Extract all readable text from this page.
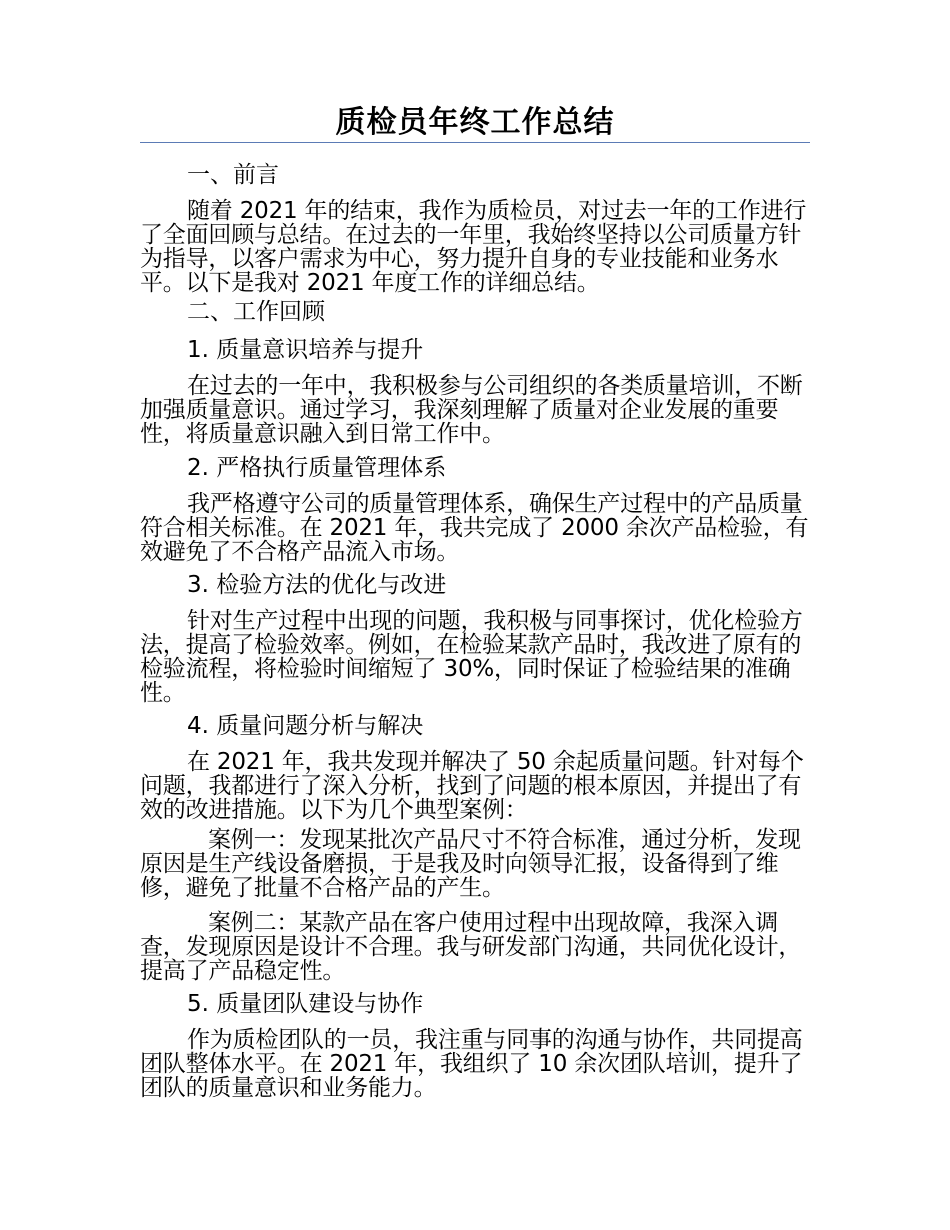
质检员年终工作总结
一、前言

随着 2021 年的结束，我作为质检员，对过去一年的工作进行了全面回顾与总结。在过去的一年里，我始终坚持以公司质量方针为指导，以客户需求为中心，努力提升自身的专业技能和业务水平。以下是我对 2021 年度工作的详细总结。

二、工作回顾
1. 质量意识培养与提升

在过去的一年中，我积极参与公司组织的各类质量培训，不断加强质量意识。通过学习，我深刻理解了质量对企业发展的重要性，将质量意识融入到日常工作中。

2. 严格执行质量管理体系

我严格遵守公司的质量管理体系，确保生产过程中的产品质量符合相关标准。在 2021 年，我共完成了 2000 余次产品检验，有效避免了不合格产品流入市场。

3. 检验方法的优化与改进

针对生产过程中出现的问题，我积极与同事探讨，优化检验方法，提高了检验效率。例如，在检验某款产品时，我改进了原有的检验流程，将检验时间缩短了 30%，同时保证了检验结果的准确性。

4. 质量问题分析与解决

在 2021 年，我共发现并解决了 50 余起质量问题。针对每个问题，我都进行了深入分析，找到了问题的根本原因，并提出了有效的改进措施。以下为几个典型案例：

案例一：发现某批次产品尺寸不符合标准，通过分析，发现原因是生产线设备磨损，于是我及时向领导汇报，设备得到了维修，避免了批量不合格产品的产生。

案例二：某款产品在客户使用过程中出现故障，我深入调查，发现原因是设计不合理。我与研发部门沟通，共同优化设计，提高了产品稳定性。

5. 质量团队建设与协作

作为质检团队的一员，我注重与同事的沟通与协作，共同提高团队整体水平。在 2021 年，我组织了 10 余次团队培训，提升了团队的质量意识和业务能力。
